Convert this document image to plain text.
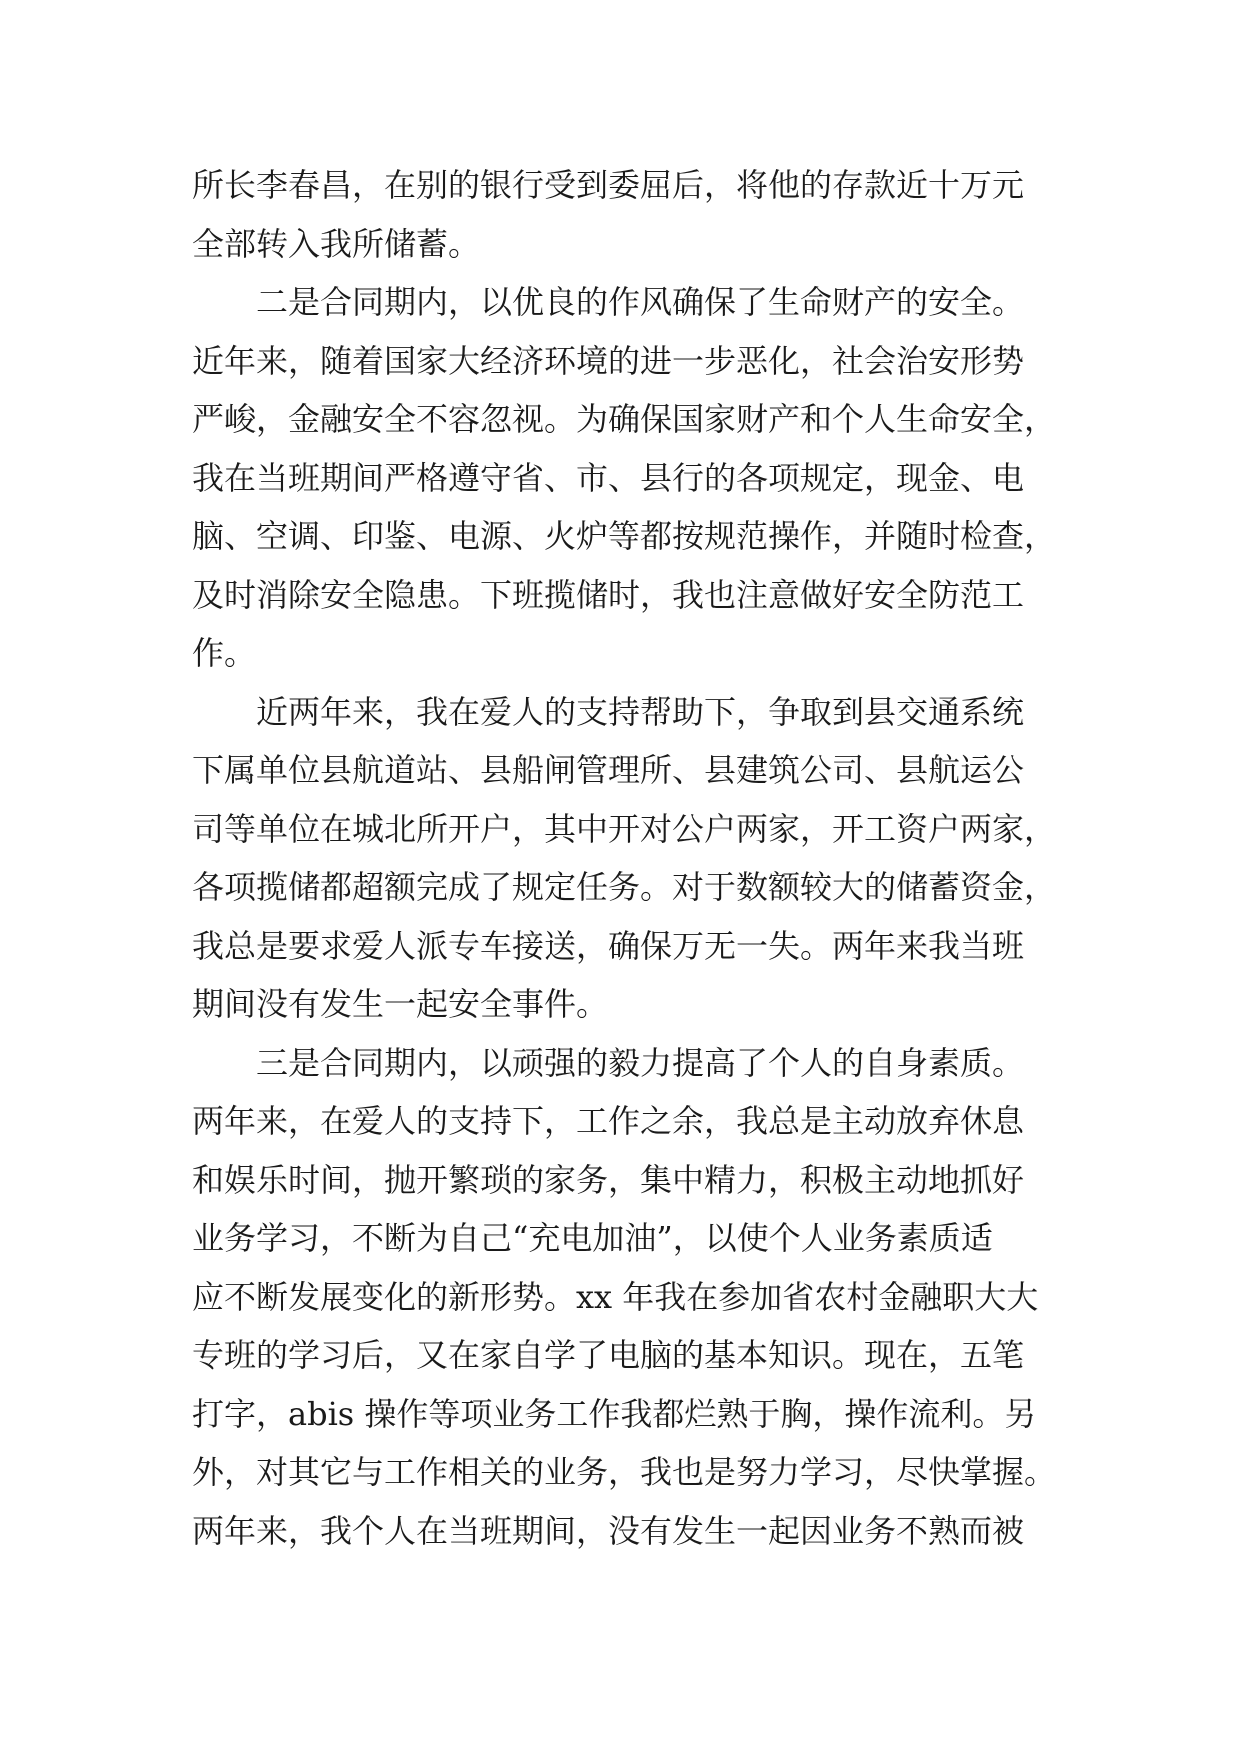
所长李春昌，在别的银行受到委屈后，将他的存款近十万元
全部转入我所储蓄。
二是合同期内，以优良的作风确保了生命财产的安全。
近年来，随着国家大经济环境的进一步恶化，社会治安形势
严峻，金融安全不容忽视。为确保国家财产和个人生命安全，
我在当班期间严格遵守省、市、县行的各项规定，现金、电
脑、空调、印鉴、电源、火炉等都按规范操作，并随时检查，
及时消除安全隐患。下班揽储时，我也注意做好安全防范工
作。
近两年来，我在爱人的支持帮助下，争取到县交通系统
下属单位县航道站、县船闸管理所、县建筑公司、县航运公
司等单位在城北所开户，其中开对公户两家，开工资户两家，
各项揽储都超额完成了规定任务。对于数额较大的储蓄资金，
我总是要求爱人派专车接送，确保万无一失。两年来我当班
期间没有发生一起安全事件。
三是合同期内，以顽强的毅力提高了个人的自身素质。
两年来，在爱人的支持下，工作之余，我总是主动放弃休息
和娱乐时间，抛开繁琐的家务，集中精力，积极主动地抓好
业务学习，不断为自己“充电加油”，以使个人业务素质适
应不断发展变化的新形势。xx 年我在参加省农村金融职大大
专班的学习后，又在家自学了电脑的基本知识。现在，五笔
打字，abis 操作等项业务工作我都烂熟于胸，操作流利。另
外，对其它与工作相关的业务，我也是努力学习，尽快掌握。
两年来，我个人在当班期间，没有发生一起因业务不熟而被
